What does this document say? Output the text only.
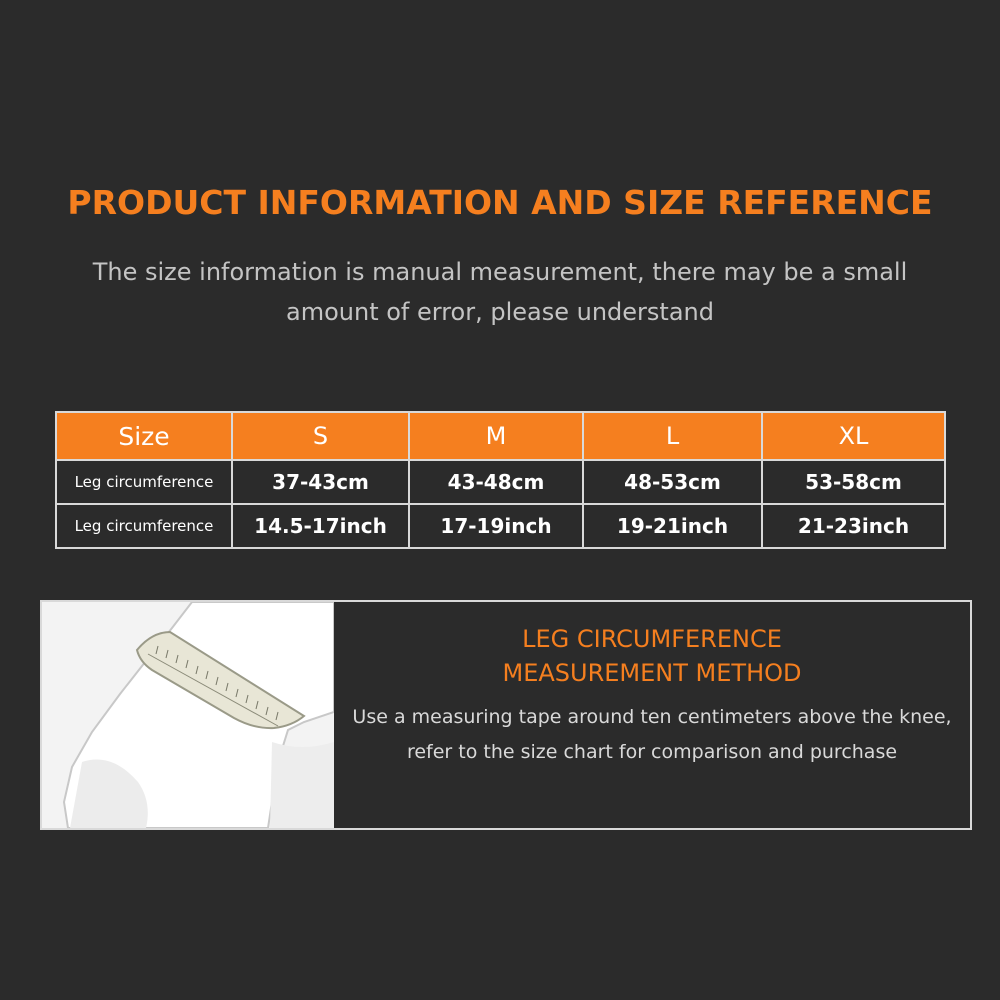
PRODUCT INFORMATION AND SIZE REFERENCE

The size information is manual measurement, there may be a small amount of error, please understand

Size	S	M	L	XL
Leg circumference	37-43cm	43-48cm	48-53cm	53-58cm
Leg circumference	14.5-17inch	17-19inch	19-21inch	21-23inch
LEG CIRCUMFERENCE
MEASUREMENT METHOD

Use a measuring tape around ten centimeters above the knee, refer to the size chart for comparison and purchase
